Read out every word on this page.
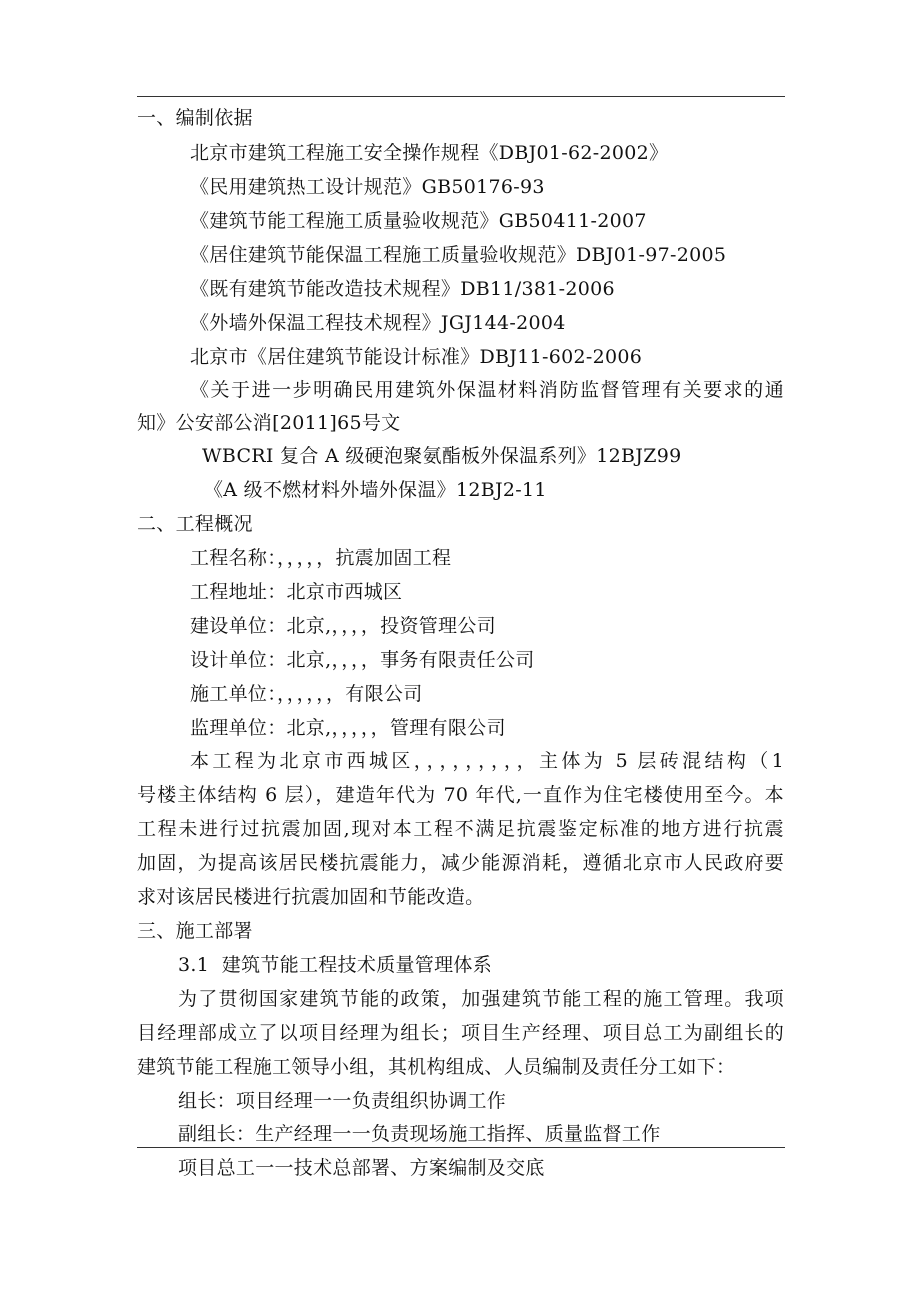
一、编制依据
北京市建筑工程施工安全操作规程《DBJ01-62-2002》
《民用建筑热工设计规范》GB50176-93
《建筑节能工程施工质量验收规范》GB50411-2007
《居住建筑节能保温工程施工质量验收规范》DBJ01-97-2005
《既有建筑节能改造技术规程》DB11/381-2006
《外墙外保温工程技术规程》JGJ144-2004
北京市《居住建筑节能设计标准》DBJ11-602-2006
《关于进一步明确民用建筑外保温材料消防监督管理有关要求的通
知》公安部公消[2011]65号文
WBCRI 复合 A 级硬泡聚氨酯板外保温系列》12BJZ99
《A 级不燃材料外墙外保温》12BJ2-11
二、工程概况
工程名称：，，，，，抗震加固工程
工程地址：北京市西城区
建设单位：北京,，，，，投资管理公司
设计单位：北京,，，，，事务有限责任公司
施工单位：，，，，，，有限公司
监理单位：北京,，，，，，管理有限公司
本工程为北京市西城区，，，，，，，，，主体为 5 层砖混结构（1
号楼主体结构 6 层），建造年代为 70 年代,一直作为住宅楼使用至今。本
工程未进行过抗震加固,现对本工程不满足抗震鉴定标准的地方进行抗震
加固，为提高该居民楼抗震能力，减少能源消耗，遵循北京市人民政府要
求对该居民楼进行抗震加固和节能改造。
三、施工部署
3.1  建筑节能工程技术质量管理体系
为了贯彻国家建筑节能的政策，加强建筑节能工程的施工管理。我项
目经理部成立了以项目经理为组长；项目生产经理、项目总工为副组长的
建筑节能工程施工领导小组，其机构组成、人员编制及责任分工如下：
组长：项目经理一一负责组织协调工作
副组长：生产经理一一负责现场施工指挥、质量监督工作
项目总工一一技术总部署、方案编制及交底
